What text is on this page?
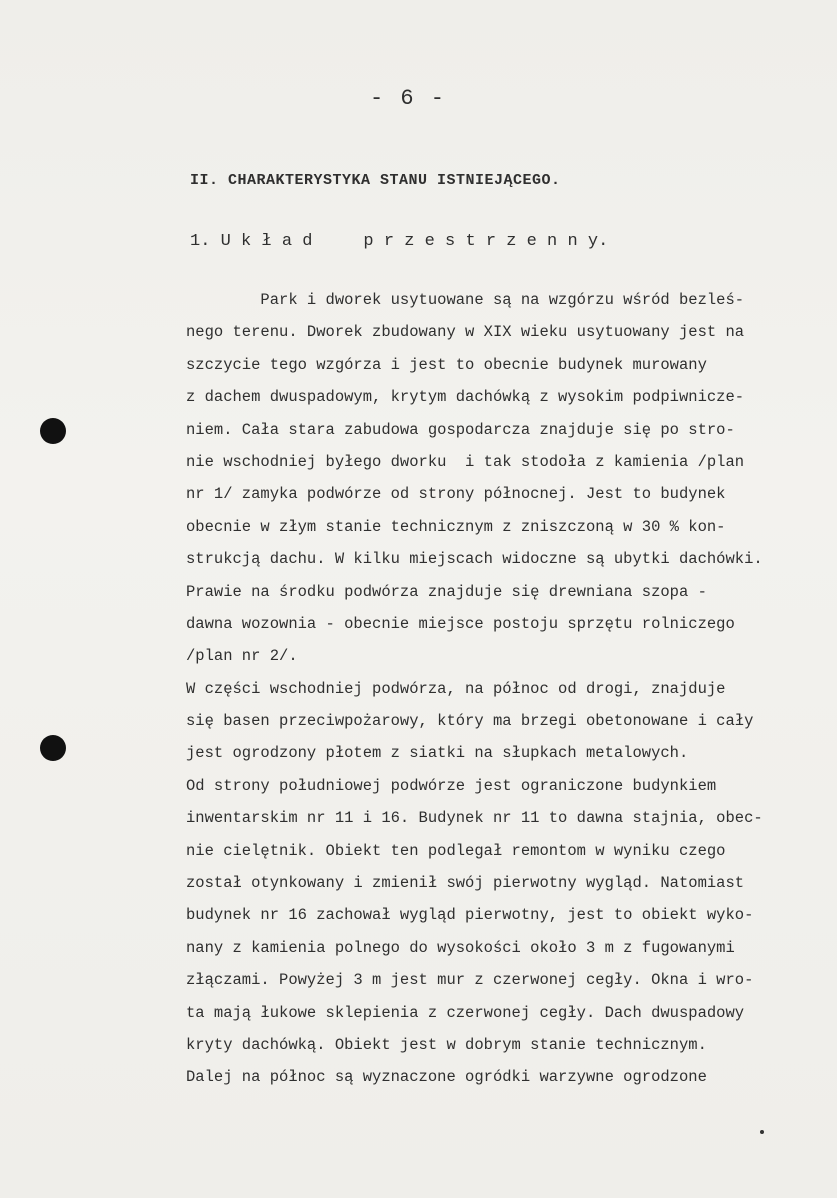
- 6 -
II. CHARAKTERYSTYKA STANU ISTNIEJĄCEGO.
1. U k ł a d     p r z e s t r z e n n y.
Park i dworek usytuowane są na wzgórzu wśród bezleś-
nego terenu. Dworek zbudowany w XIX wieku usytuowany jest na
szczycie tego wzgórza i jest to obecnie budynek murowany
z dachem dwuspadowym, krytym dachówką z wysokim podpiwniczе-
niem. Cała stara zabudowa gospodarcza znajduje się po stro-
nie wschodniej byłego dworku  i tak stodoła z kamienia /plan
nr 1/ zamyka podwórze od strony północnej. Jest to budynek
obecnie w złym stanie technicznym z zniszczoną w 30 % kon-
strukcją dachu. W kilku miejscach widoczne są ubytki dachówki.
Prawie na środku podwórza znajduje się drewniana szopa -
dawna wozownia - obecnie miejsce postoju sprzętu rolniczego
/plan nr 2/.
W części wschodniej podwórza, na północ od drogi, znajduje
się basen przeciwpożarowy, który ma brzegi obetonowane i cały
jest ogrodzony płotem z siatki na słupkach metalowych.
Od strony południowej podwórze jest ograniczone budynkiem
inwentarskim nr 11 i 16. Budynek nr 11 to dawna stajnia, obec-
nie cielętnik. Obiekt ten podlegał remontom w wyniku czego
został otynkowany i zmienił swój pierwotny wygląd. Natomiast
budynek nr 16 zachował wygląd pierwotny, jest to obiekt wyko-
nany z kamienia polnego do wysokości około 3 m z fugowanymi
złączami. Powyżej 3 m jest mur z czerwonej cegły. Okna i wro-
ta mają łukowe sklepienia z czerwonej cegły. Dach dwuspadowy
kryty dachówką. Obiekt jest w dobrym stanie technicznym.
Dalej na północ są wyznaczone ogródki warzywne ogrodzone
